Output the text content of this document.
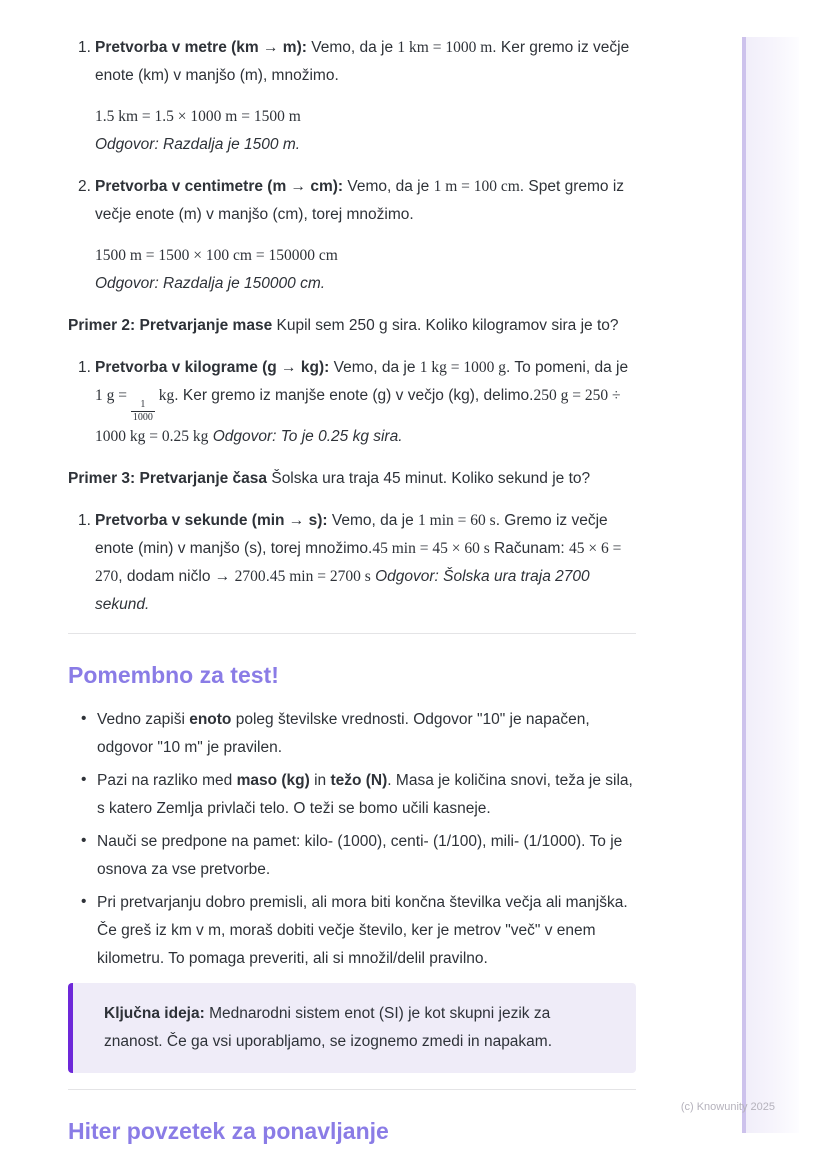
1. Pretvorba v metre (km → m): Vemo, da je 1 km = 1000 m. Ker gremo iz večje enote (km) v manjšo (m), množimo.

1.5 km = 1.5 × 1000 m = 1500 m

Odgovor: Razdalja je 1500 m.

2. Pretvorba v centimetre (m → cm): Vemo, da je 1 m = 100 cm. Spet gremo iz večje enote (m) v manjšo (cm), torej množimo.

1500 m = 1500 × 100 cm = 150000 cm

Odgovor: Razdalja je 150000 cm.

Primer 2: Pretvarjanje mase Kupil sem 250 g sira. Koliko kilogramov sira je to?

1. Pretvorba v kilograme (g → kg): Vemo, da je 1 kg = 1000 g. To pomeni, da je 1 g =
$\frac{1}{1000}$
kg. Ker gremo iz manjše enote (g) v večjo (kg), delimo.250 g = 250 ÷ 1000 kg = 0.25 kg Odgovor: To je 0.25 kg sira.

Primer 3: Pretvarjanje časa Šolska ura traja 45 minut. Koliko sekund je to?

1. Pretvorba v sekunde (min → s): Vemo, da je 1 min = 60 s. Gremo iz večje enote (min) v manjšo (s), torej množimo.45 min = 45 × 60 s Računam: 45 × 6 = 270, dodam ničlo → 2700.45 min = 2700 s Odgovor: Šolska ura traja 2700 sekund.

Pomembno za test!
• Vedno zapiši enoto poleg številske vrednosti. Odgovor "10" je napačen, odgovor "10 m" je pravilen.
• Pazi na razliko med maso (kg) in težo (N). Masa je količina snovi, teža je sila, s katero Zemlja privlači telo. O teži se bomo učili kasneje.
• Nauči se predpone na pamet: kilo- (1000), centi- (1/100), mili- (1/1000). To je osnova za vse pretvorbe.
• Pri pretvarjanju dobro premisli, ali mora biti končna številka večja ali manjška. Če greš iz km v m, moraš dobiti večje število, ker je metrov "več" v enem kilometru. To pomaga preveriti, ali si množil/delil pravilno.

Ključna ideja: Mednarodni sistem enot (SI) je kot skupni jezik za znanost. Če ga vsi uporabljamo, se izognemo zmedi in napakam.

Hiter povzetek za ponavljanje
(c) Knowunity 2025
